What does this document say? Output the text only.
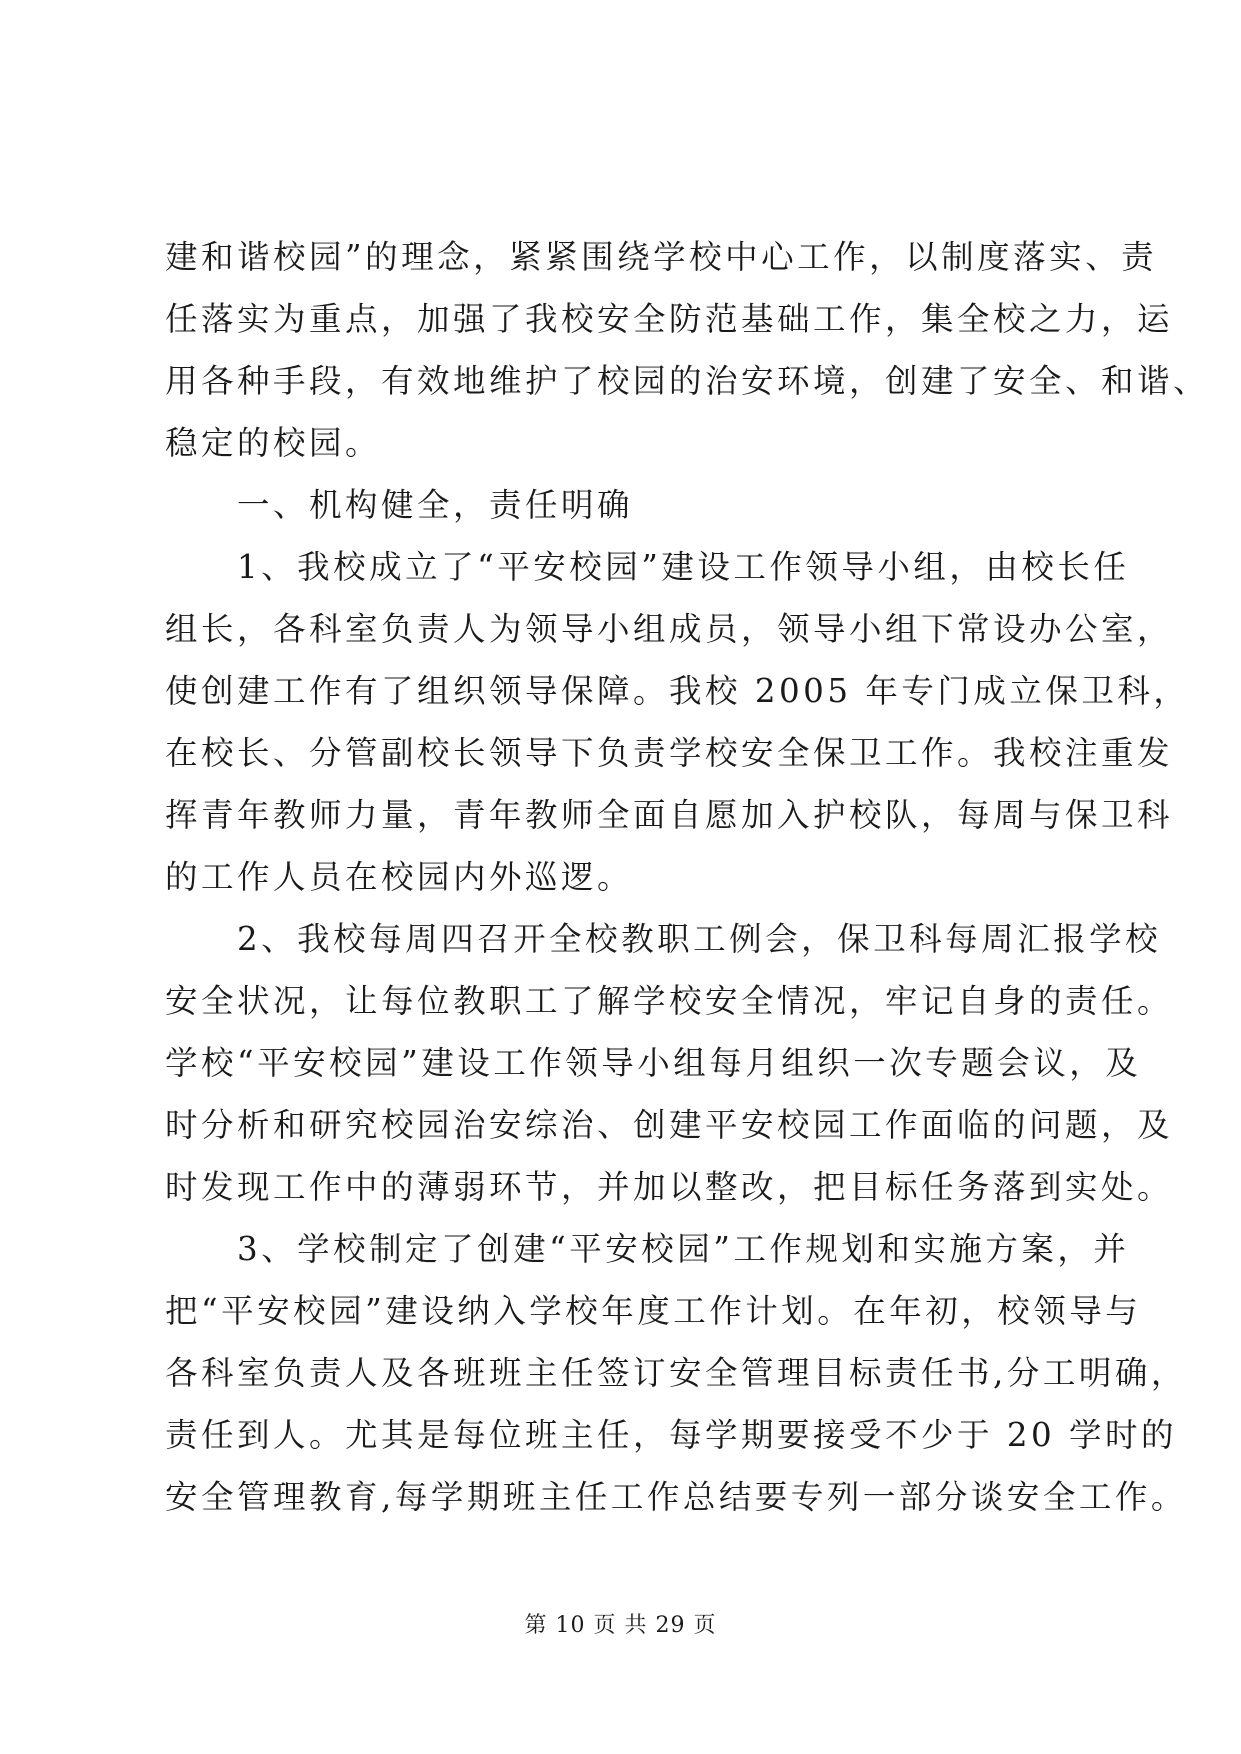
建和谐校园”的理念，紧紧围绕学校中心工作，以制度落实、责
任落实为重点，加强了我校安全防范基础工作，集全校之力，运
用各种手段，有效地维护了校园的治安环境，创建了安全、和谐、
稳定的校园。
　　一、机构健全，责任明确
　　1、我校成立了“平安校园”建设工作领导小组，由校长任
组长，各科室负责人为领导小组成员，领导小组下常设办公室，
使创建工作有了组织领导保障。我校 2005 年专门成立保卫科，
在校长、分管副校长领导下负责学校安全保卫工作。我校注重发
挥青年教师力量，青年教师全面自愿加入护校队，每周与保卫科
的工作人员在校园内外巡逻。
　　2、我校每周四召开全校教职工例会，保卫科每周汇报学校
安全状况，让每位教职工了解学校安全情况，牢记自身的责任。
学校“平安校园”建设工作领导小组每月组织一次专题会议，及
时分析和研究校园治安综治、创建平安校园工作面临的问题，及
时发现工作中的薄弱环节，并加以整改，把目标任务落到实处。
　　3、学校制定了创建“平安校园”工作规划和实施方案，并
把“平安校园”建设纳入学校年度工作计划。在年初，校领导与
各科室负责人及各班班主任签订安全管理目标责任书,分工明确，
责任到人。尤其是每位班主任，每学期要接受不少于 20 学时的
安全管理教育,每学期班主任工作总结要专列一部分谈安全工作。
第 10 页 共 29 页
